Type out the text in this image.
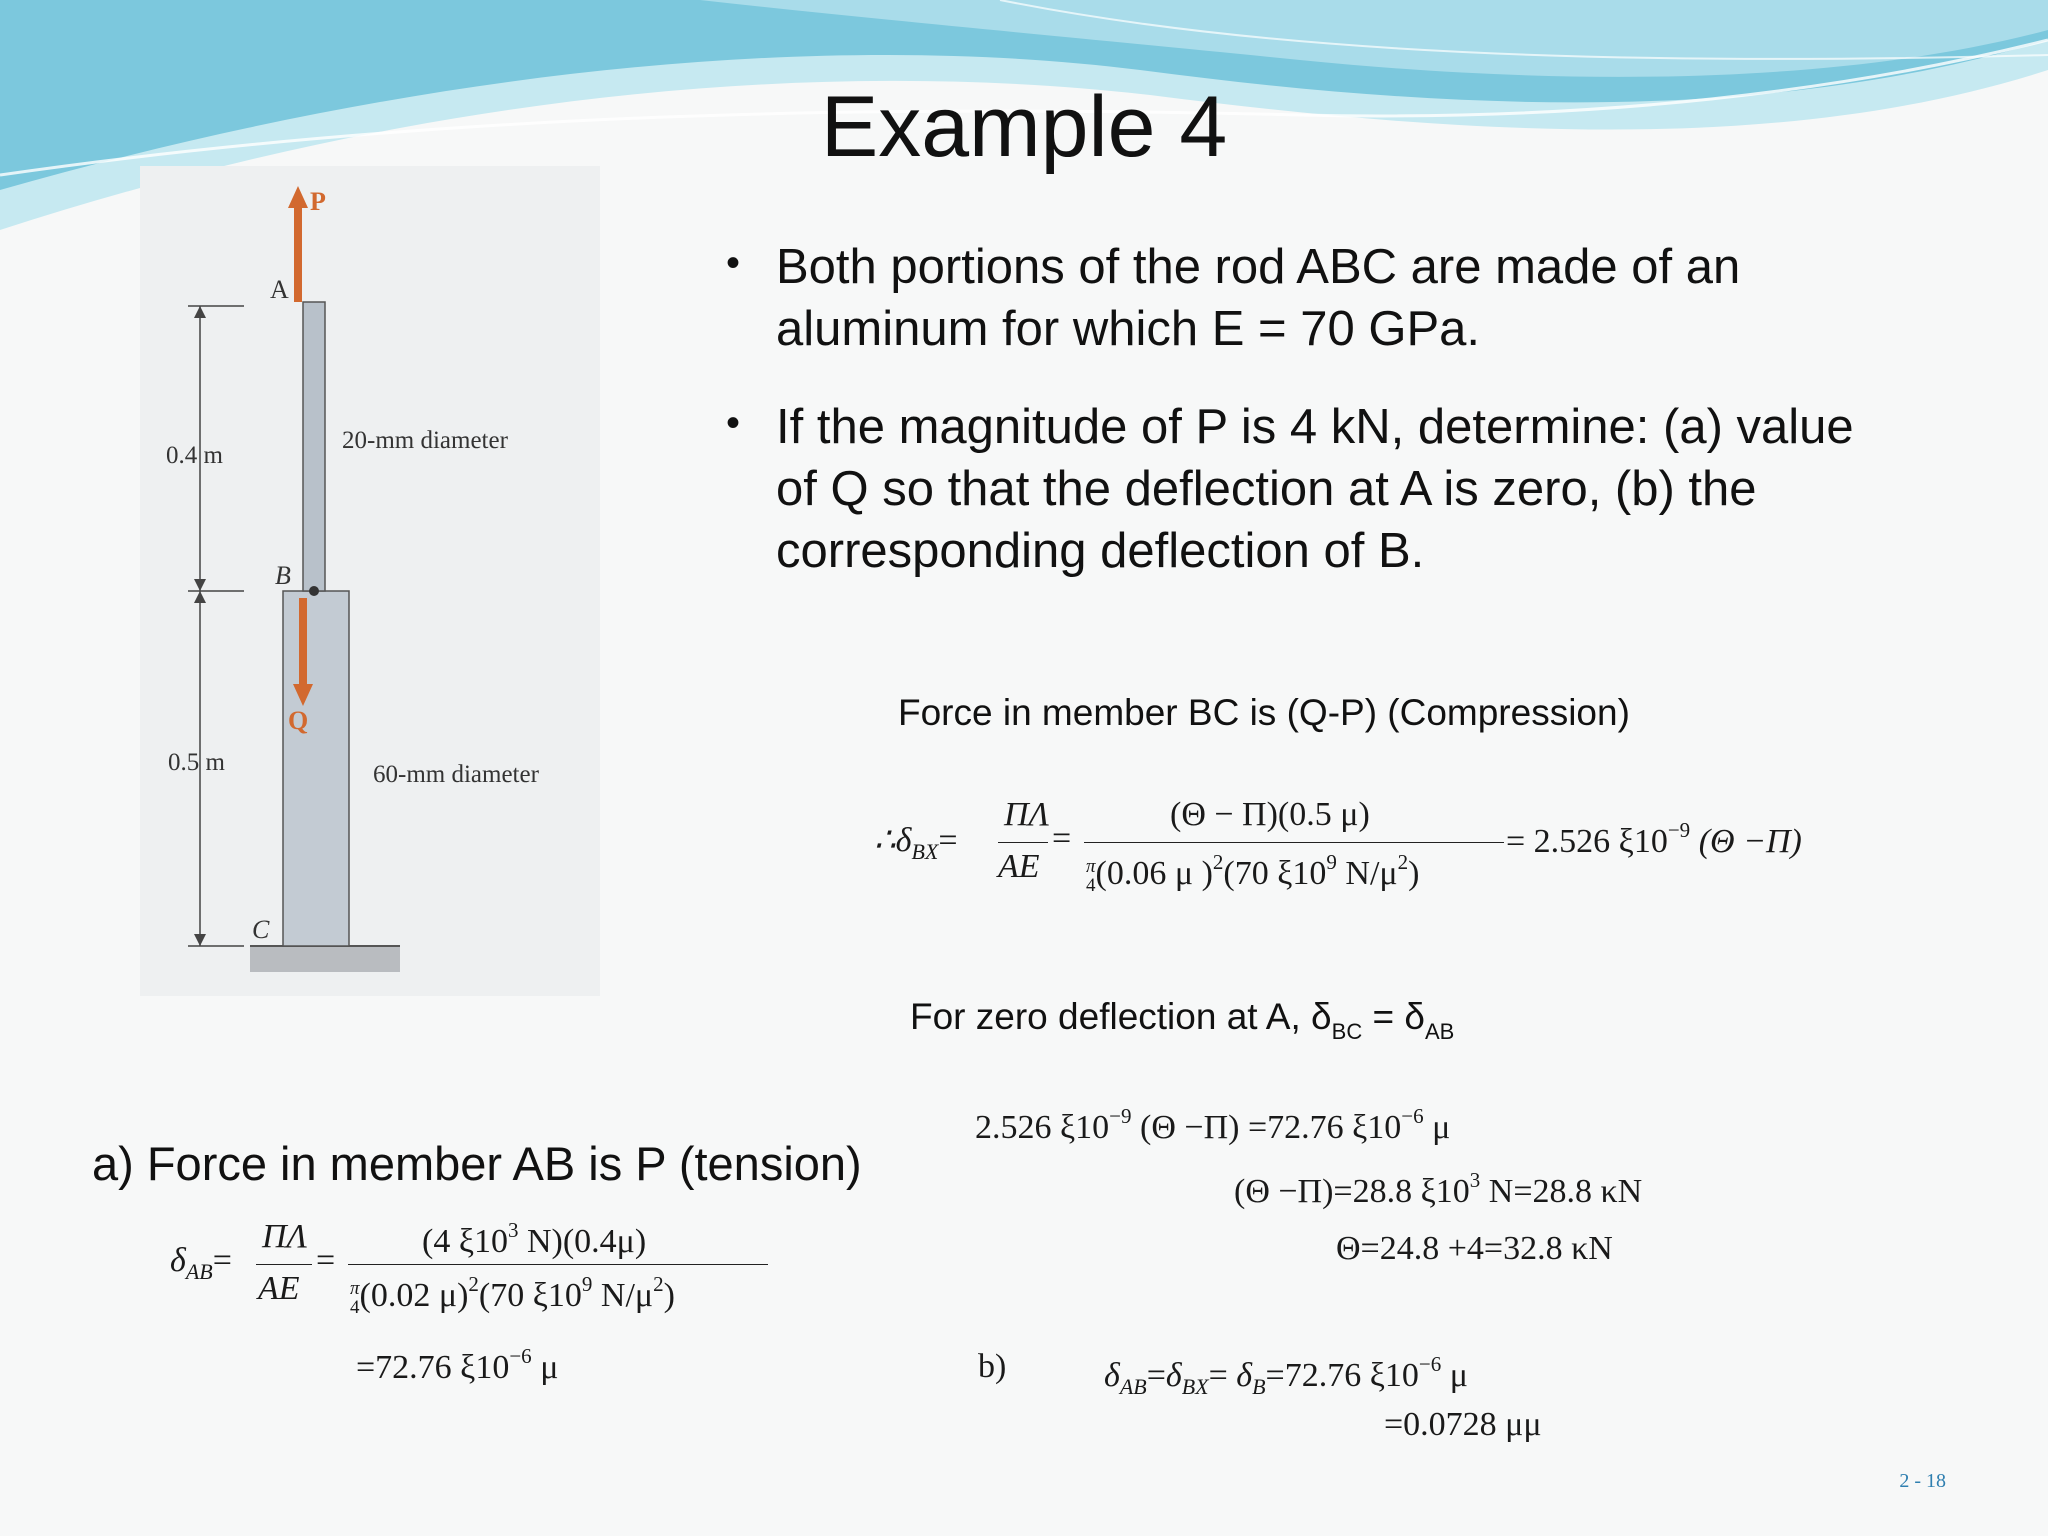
Example 4
P
A
B
Q
C
0.4 m
0.5 m
20-mm diameter
60-mm diameter
• Both portions of the rod ABC are made of an aluminum for which E = 70 GPa.
• If the magnitude of P is 4 kN, determine: (a) value of Q so that the deflection at A is zero, (b) the corresponding deflection of B.
Force in member BC is (Q-P) (Compression)
$\therefore\delta_{BX}=$
ΠΛ
AE
=
(Θ − Π)(0.5 μ)
π
4(0.06 μ )$^2$(70 $\xi 10^9$ $N/\mu^2$)
= 2.526 $\xi 10^{-9}$ (Θ −Π)
For zero deflection at A, $\delta_{BC} = \delta_{AB}$
2.526 $\xi 10^{-9}$ (Θ −Π) =72.76 $\xi 10^{-6}$ μ
(Θ −Π)=28.8 $\xi 10^3$ N=28.8 κN
Θ=24.8 +4=32.8 κN
a) Force in member AB is P (tension)
$\delta_{AB}=$
ΠΛ
AE
=
(4 $\xi 10^3$ N)(0.4μ)
π
4(0.02 μ)$^2$(70 $\xi 10^9$ $N/\mu^2$)
=72.76 $\xi 10^{-6}$ μ	b)	$\delta_{AB}=\delta_{BX}= \delta_B=72.76$ $\xi 10^{-6}$ μ
=0.0728 μμ
2 - 18
